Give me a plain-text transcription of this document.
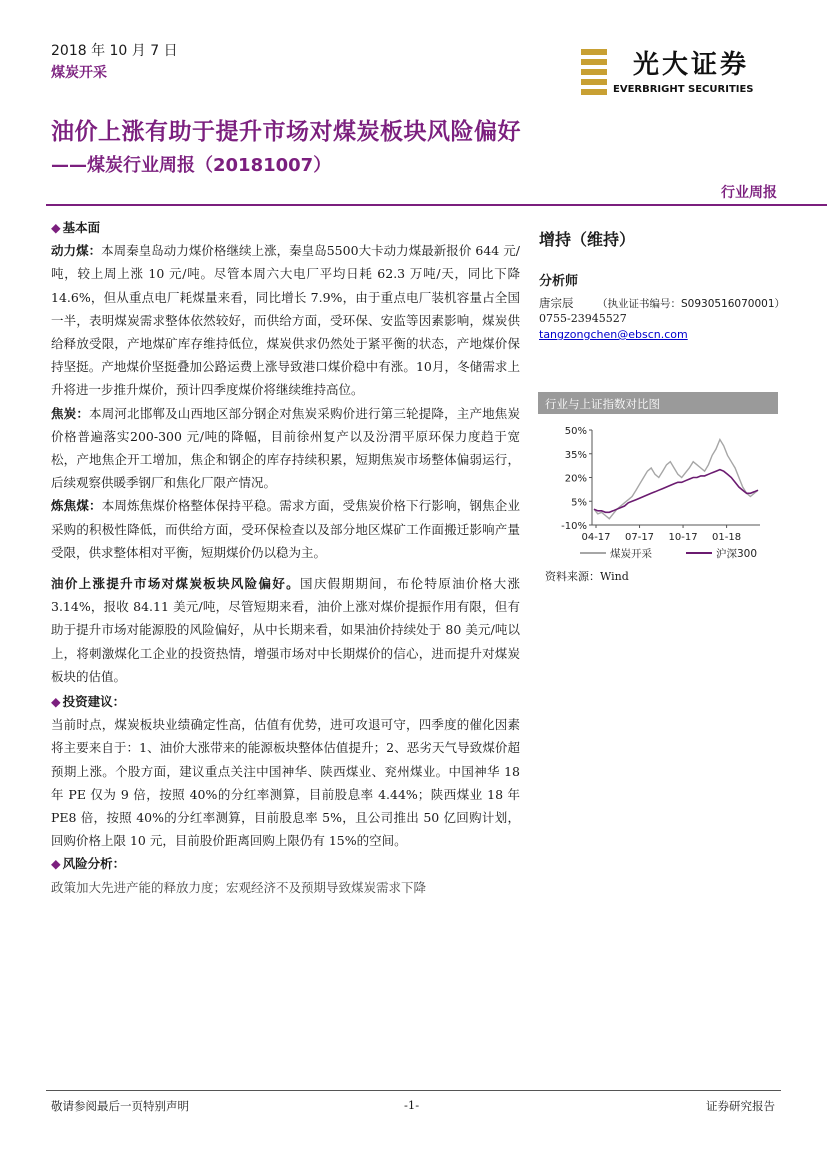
2018 年 10 月 7 日
煤炭开采	光大证券
EVERBRIGHT SECURITIES
油价上涨有助于提升市场对煤炭板块风险偏好
——煤炭行业周报（20181007）
行业周报

◆ 基本面

动力煤：本周秦皇岛动力煤价格继续上涨，秦皇岛5500大卡动力煤最新报价 644 元/吨，较上周上涨 10 元/吨。尽管本周六大电厂平均日耗 62.3 万吨/天，同比下降 14.6%，但从重点电厂耗煤量来看，同比增长 7.9%，由于重点电厂装机容量占全国一半，表明煤炭需求整体依然较好，而供给方面，受环保、安监等因素影响，煤炭供给释放受限，产地煤矿库存维持低位，煤炭供求仍然处于紧平衡的状态，产地煤价保持坚挺。产地煤价坚挺叠加公路运费上涨导致港口煤价稳中有涨。10月，冬储需求上升将进一步推升煤价，预计四季度煤价将继续维持高位。

焦炭：本周河北邯郸及山西地区部分钢企对焦炭采购价进行第三轮提降，主产地焦炭价格普遍落实200-300 元/吨的降幅，目前徐州复产以及汾渭平原环保力度趋于宽松，产地焦企开工增加，焦企和钢企的库存持续积累，短期焦炭市场整体偏弱运行，后续观察供暖季钢厂和焦化厂限产情况。

炼焦煤：本周炼焦煤价格整体保持平稳。需求方面，受焦炭价格下行影响，钢焦企业采购的积极性降低，而供给方面，受环保检查以及部分地区煤矿工作面搬迁影响产量受限，供求整体相对平衡，短期煤价仍以稳为主。

油价上涨提升市场对煤炭板块风险偏好。国庆假期期间，布伦特原油价格大涨 3.14%，报收 84.11 美元/吨，尽管短期来看，油价上涨对煤价提振作用有限，但有助于提升市场对能源股的风险偏好，从中长期来看，如果油价持续处于 80 美元/吨以上，将刺激煤化工企业的投资热情，增强市场对中长期煤价的信心，进而提升对煤炭板块的估值。

◆ 投资建议：

当前时点，煤炭板块业绩确定性高，估值有优势，进可攻退可守，四季度的催化因素将主要来自于：1、油价大涨带来的能源板块整体估值提升；2、恶劣天气导致煤价超预期上涨。个股方面，建议重点关注中国神华、陕西煤业、兖州煤业。中国神华 18 年 PE 仅为 9 倍，按照 40%的分红率测算，目前股息率 4.44%；陕西煤业 18 年 PE8 倍，按照 40%的分红率测算，目前股息率 5%，且公司推出 50 亿回购计划，回购价格上限 10 元，目前股价距离回购上限仍有 15%的空间。

◆ 风险分析：

政策加大先进产能的释放力度；宏观经济不及预期导致煤炭需求下降

增持（维持）
分析师
唐宗辰 （执业证书编号：S0930516070001）
0755-23945527
tangzongchen@ebscn.com
行业与上证指数对比图
50%
35%
20%
5%
-10%
04-17 07-17 10-17 01-18
煤炭开采	沪深300
资料来源：Wind
敬请参阅最后一页特别声明	-1-	证券研究报告
